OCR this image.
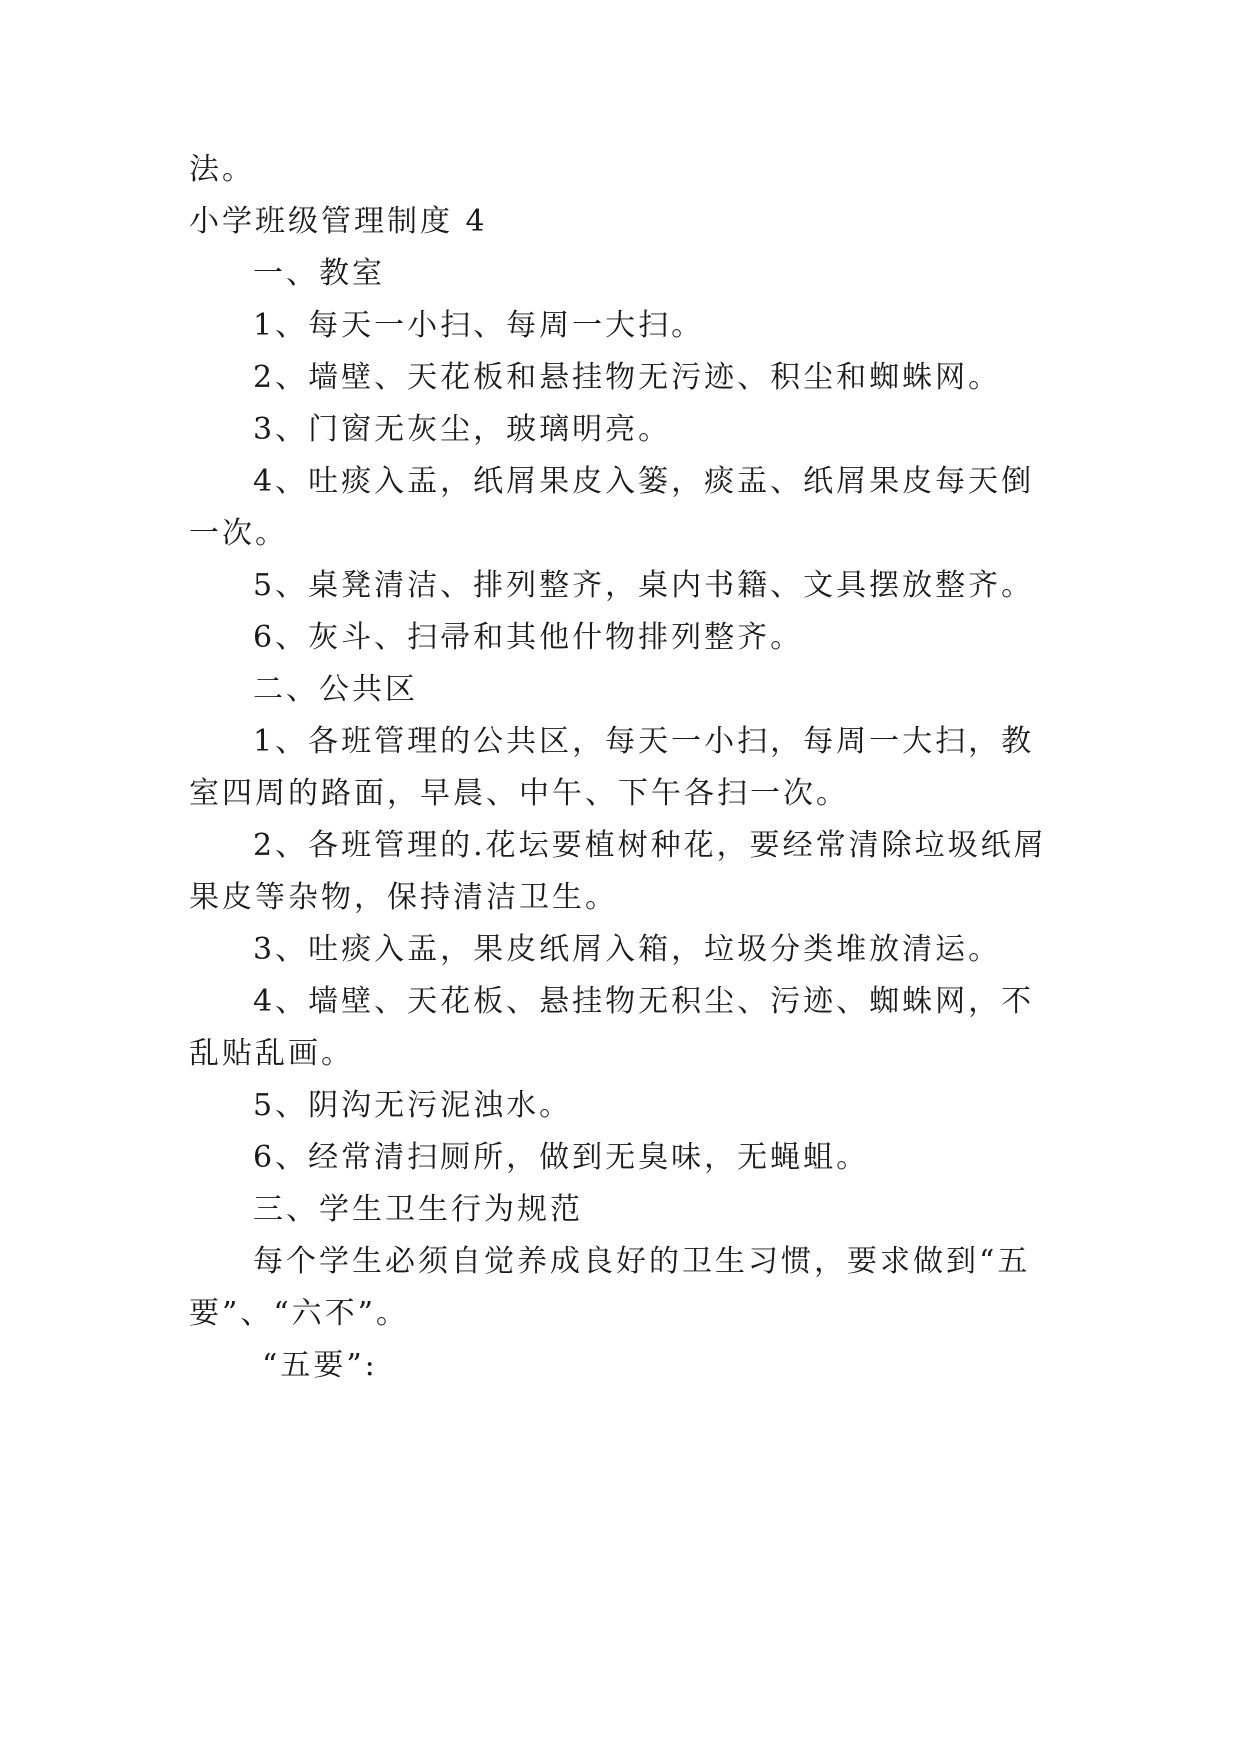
法。
小学班级管理制度 4
一、教室
1、每天一小扫、每周一大扫。
2、墙壁、天花板和悬挂物无污迹、积尘和蜘蛛网。
3、门窗无灰尘，玻璃明亮。
4、吐痰入盂，纸屑果皮入篓，痰盂、纸屑果皮每天倒
一次。
5、桌凳清洁、排列整齐，桌内书籍、文具摆放整齐。
6、灰斗、扫帚和其他什物排列整齐。
二、公共区
1、各班管理的公共区，每天一小扫，每周一大扫，教
室四周的路面，早晨、中午、下午各扫一次。
2、各班管理的.花坛要植树种花，要经常清除垃圾纸屑
果皮等杂物，保持清洁卫生。
3、吐痰入盂，果皮纸屑入箱，垃圾分类堆放清运。
4、墙壁、天花板、悬挂物无积尘、污迹、蜘蛛网，不
乱贴乱画。
5、阴沟无污泥浊水。
6、经常清扫厕所，做到无臭味，无蝇蛆。
三、学生卫生行为规范
每个学生必须自觉养成良好的卫生习惯，要求做到“五
要”、“六不”。
“五要”:
